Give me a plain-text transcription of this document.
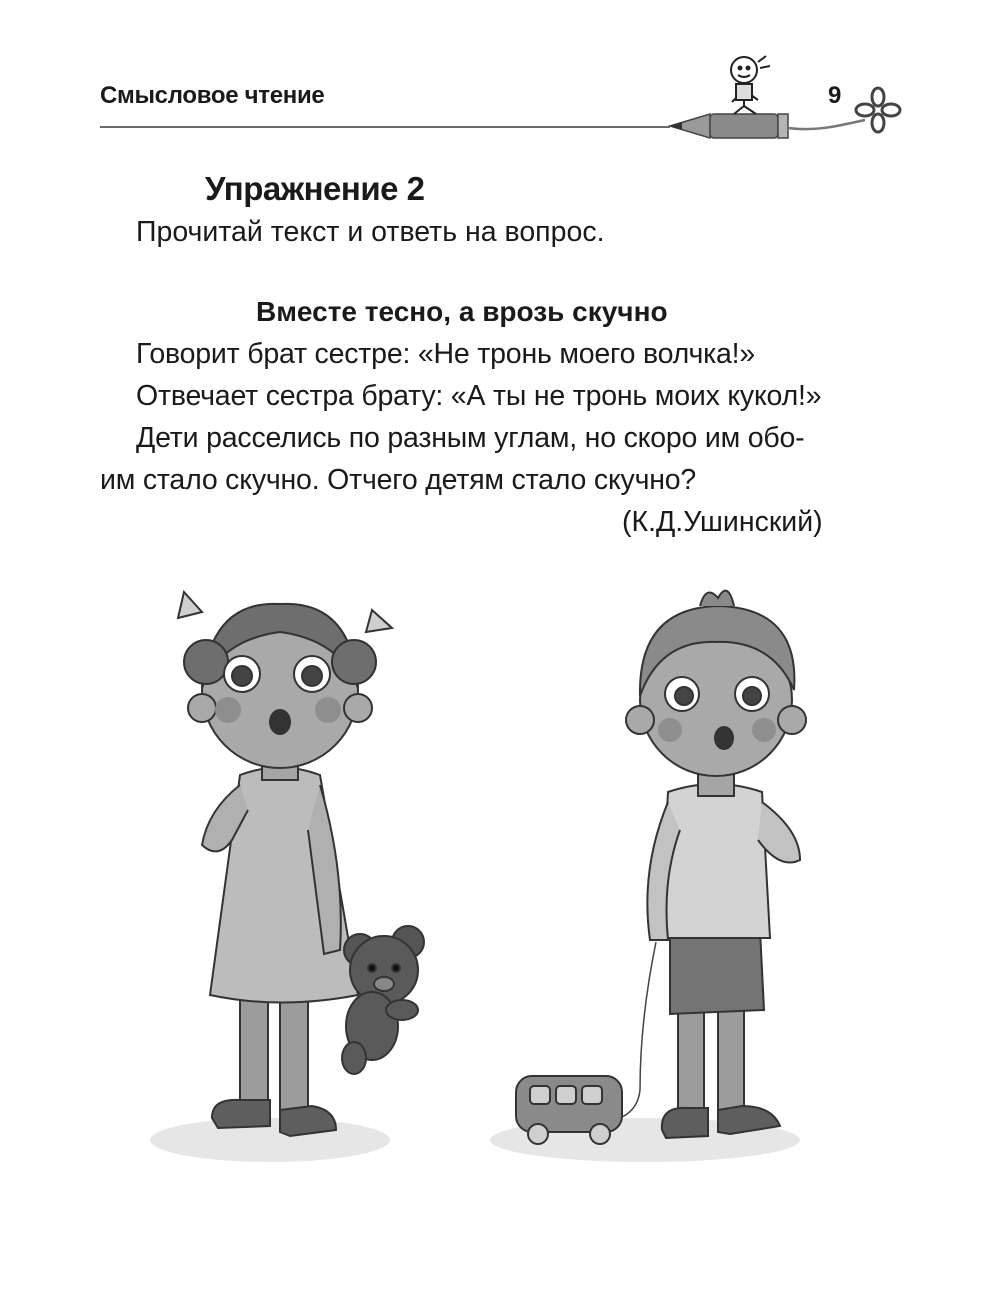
Смысловое чтение	9
Упражнение 2
Прочитай текст и ответь на вопрос.
Вместе тесно, а врозь скучно
Говорит брат сестре: «Не тронь моего волчка!»
Отвечает сестра брату: «А ты не тронь моих кукол!»
Дети расселись по разным углам, но скоро им обо-
им стало скучно. Отчего детям стало скучно?
(К.Д.Ушинский)
